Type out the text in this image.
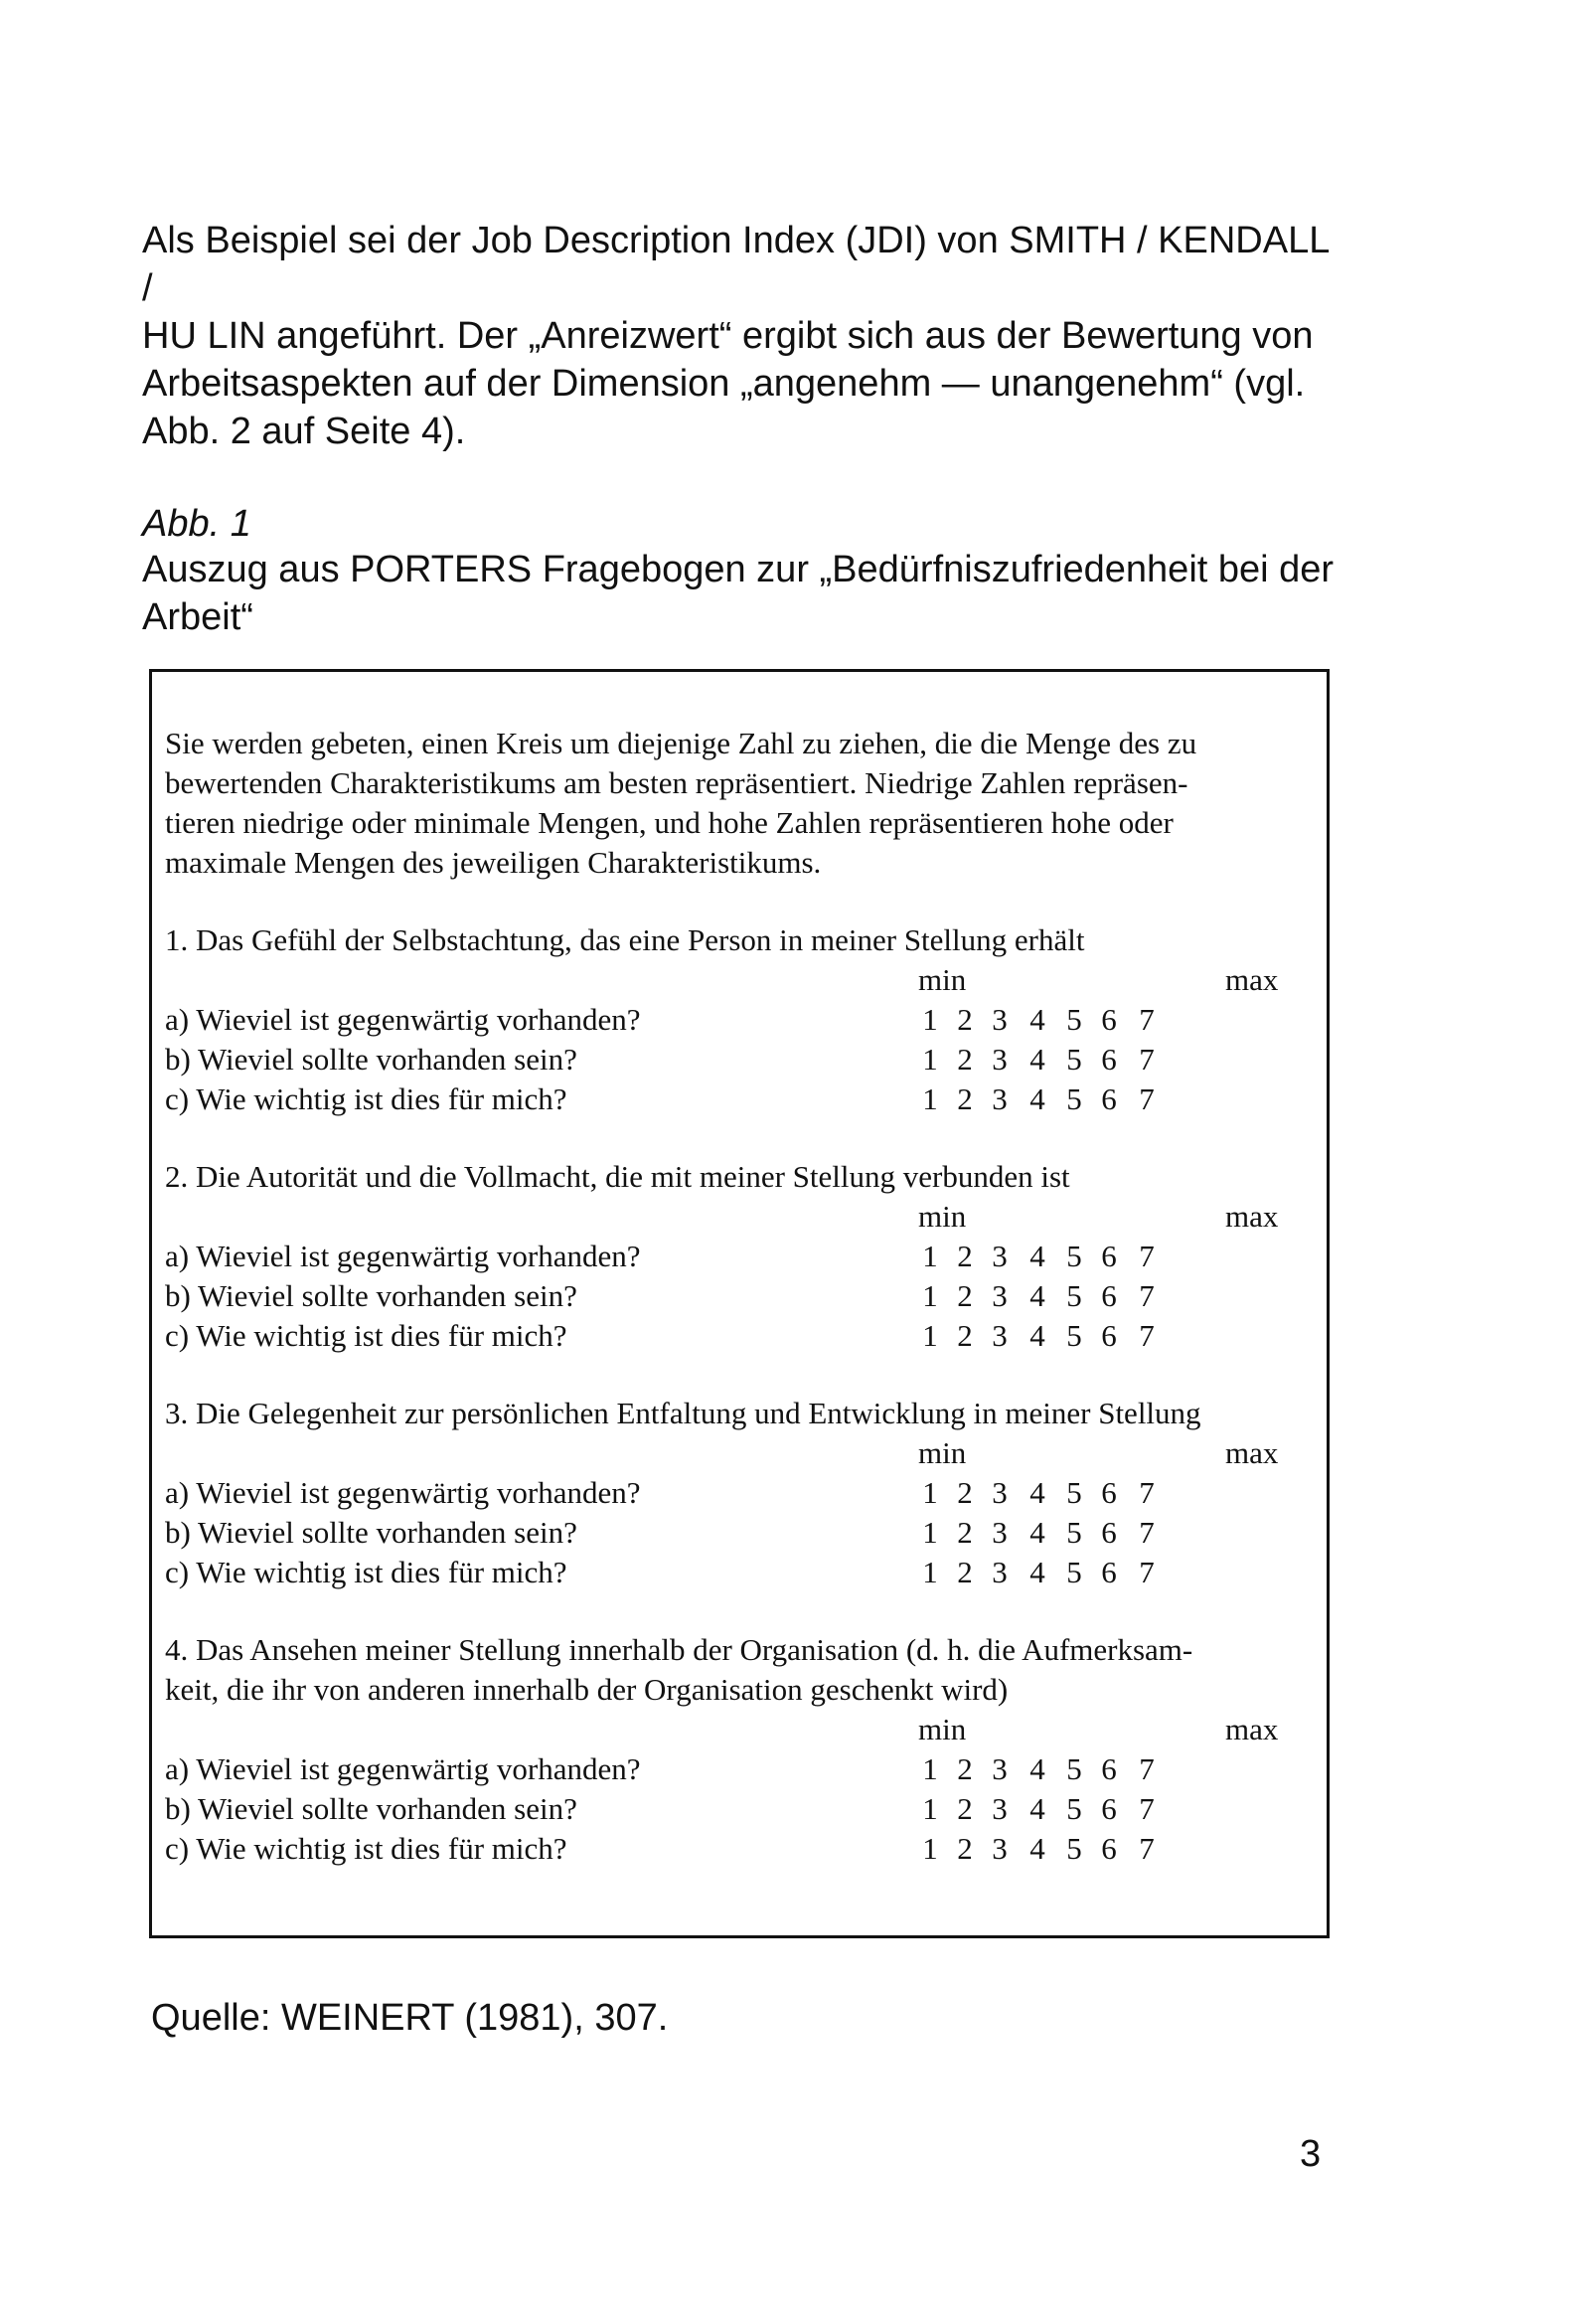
Als Beispiel sei der Job Description Index (JDI) von SMITH / KENDALL /
HU LIN angeführt. Der „Anreizwert“ ergibt sich aus der Bewertung von
Arbeitsaspekten auf der Dimension „angenehm — unangenehm“ (vgl.
Abb. 2 auf Seite 4).
Abb. 1
Auszug aus PORTERS Fragebogen zur „Bedürfniszufriedenheit bei der
Arbeit“
Sie werden gebeten, einen Kreis um diejenige Zahl zu ziehen, die die Menge des zu
bewertenden Charakteristikums am besten repräsentiert. Niedrige Zahlen repräsen-
tieren niedrige oder minimale Mengen, und hohe Zahlen repräsentieren hohe oder
maximale Mengen des jeweiligen Charakteristikums.
1. Das Gefühl der Selbstachtung, das eine Person in meiner Stellung erhält
min	max
a) Wieviel ist gegenwärtig vorhanden?	1 2 3 4 5 6 7
b) Wieviel sollte vorhanden sein?	1 2 3 4 5 6 7
c) Wie wichtig ist dies für mich?	1 2 3 4 5 6 7
2. Die Autorität und die Vollmacht, die mit meiner Stellung verbunden ist
min	max
a) Wieviel ist gegenwärtig vorhanden?	1 2 3 4 5 6 7
b) Wieviel sollte vorhanden sein?	1 2 3 4 5 6 7
c) Wie wichtig ist dies für mich?	1 2 3 4 5 6 7
3. Die Gelegenheit zur persönlichen Entfaltung und Entwicklung in meiner Stellung
min	max
a) Wieviel ist gegenwärtig vorhanden?	1 2 3 4 5 6 7
b) Wieviel sollte vorhanden sein?	1 2 3 4 5 6 7
c) Wie wichtig ist dies für mich?	1 2 3 4 5 6 7
4. Das Ansehen meiner Stellung innerhalb der Organisation (d. h. die Aufmerksam-
keit, die ihr von anderen innerhalb der Organisation geschenkt wird)
min	max
a) Wieviel ist gegenwärtig vorhanden?	1 2 3 4 5 6 7
b) Wieviel sollte vorhanden sein?	1 2 3 4 5 6 7
c) Wie wichtig ist dies für mich?	1 2 3 4 5 6 7
Quelle: WEINERT (1981), 307.
3
